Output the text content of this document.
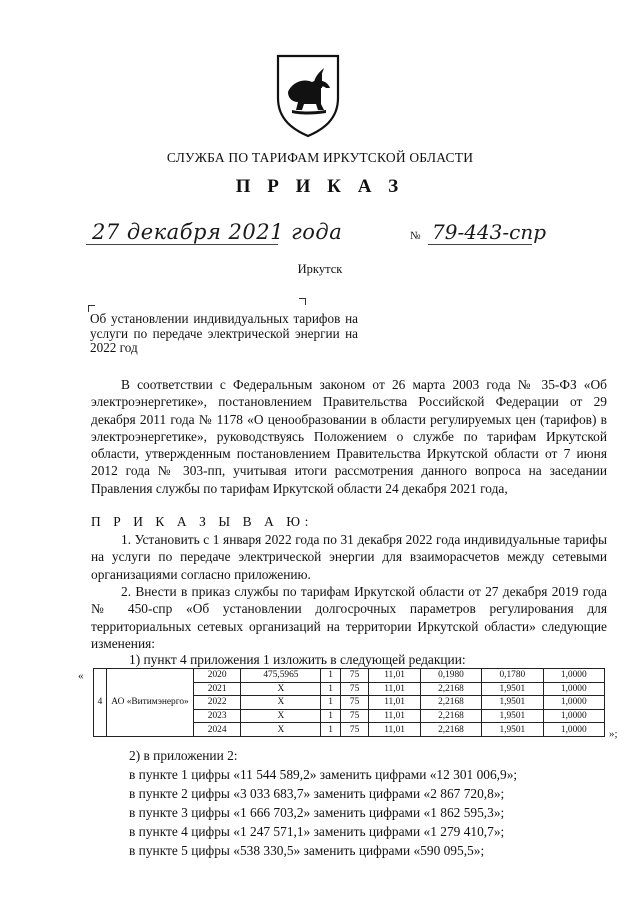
СЛУЖБА ПО ТАРИФАМ ИРКУТСКОЙ ОБЛАСТИ
П Р И К А З
27 декабря 2021 года	№ 79-443-спр
Иркутск
Об установлении индивидуальных тарифов на услуги по передаче электрической энергии на 2022 год
В соответствии с Федеральным законом от 26 марта 2003 года № 35-ФЗ «Об электроэнергетике», постановлением Правительства Российской Федерации от 29 декабря 2011 года № 1178 «О ценообразовании в области регулируемых цен (тарифов) в электроэнергетике», руководствуясь Положением о службе по тарифам Иркутской области, утвержденным постановлением Правительства Иркутской области от 7 июня 2012 года № 303-пп, учитывая итоги рассмотрения данного вопроса на заседании Правления службы по тарифам Иркутской области 24 декабря 2021 года,
П Р И К А З Ы В А Ю:
1. Установить с 1 января 2022 года по 31 декабря 2022 года индивидуальные тарифы на услуги по передаче электрической энергии для взаиморасчетов между сетевыми организациями согласно приложению.
2. Внести в приказ службы по тарифам Иркутской области от 27 декабря 2019 года № 450-спр «Об установлении долгосрочных параметров регулирования для территориальных сетевых организаций на территории Иркутской области» следующие изменения:
1) пункт 4 приложения 1 изложить в следующей редакции:
«
4	АО «Витимэнерго»	2020	475,5965	1	75	11,01	0,1980	0,1780	1,0000
		2021	X	1	75	11,01	2,2168	1,9501	1,0000
		2022	X	1	75	11,01	2,2168	1,9501	1,0000
		2023	X	1	75	11,01	2,2168	1,9501	1,0000
		2024	X	1	75	11,01	2,2168	1,9501	1,0000 »;
2) в приложении 2:
в пункте 1 цифры «11 544 589,2» заменить цифрами «12 301 006,9»;
в пункте 2 цифры «3 033 683,7» заменить цифрами «2 867 720,8»;
в пункте 3 цифры «1 666 703,2» заменить цифрами «1 862 595,3»;
в пункте 4 цифры «1 247 571,1» заменить цифрами «1 279 410,7»;
в пункте 5 цифры «538 330,5» заменить цифрами «590 095,5»;
